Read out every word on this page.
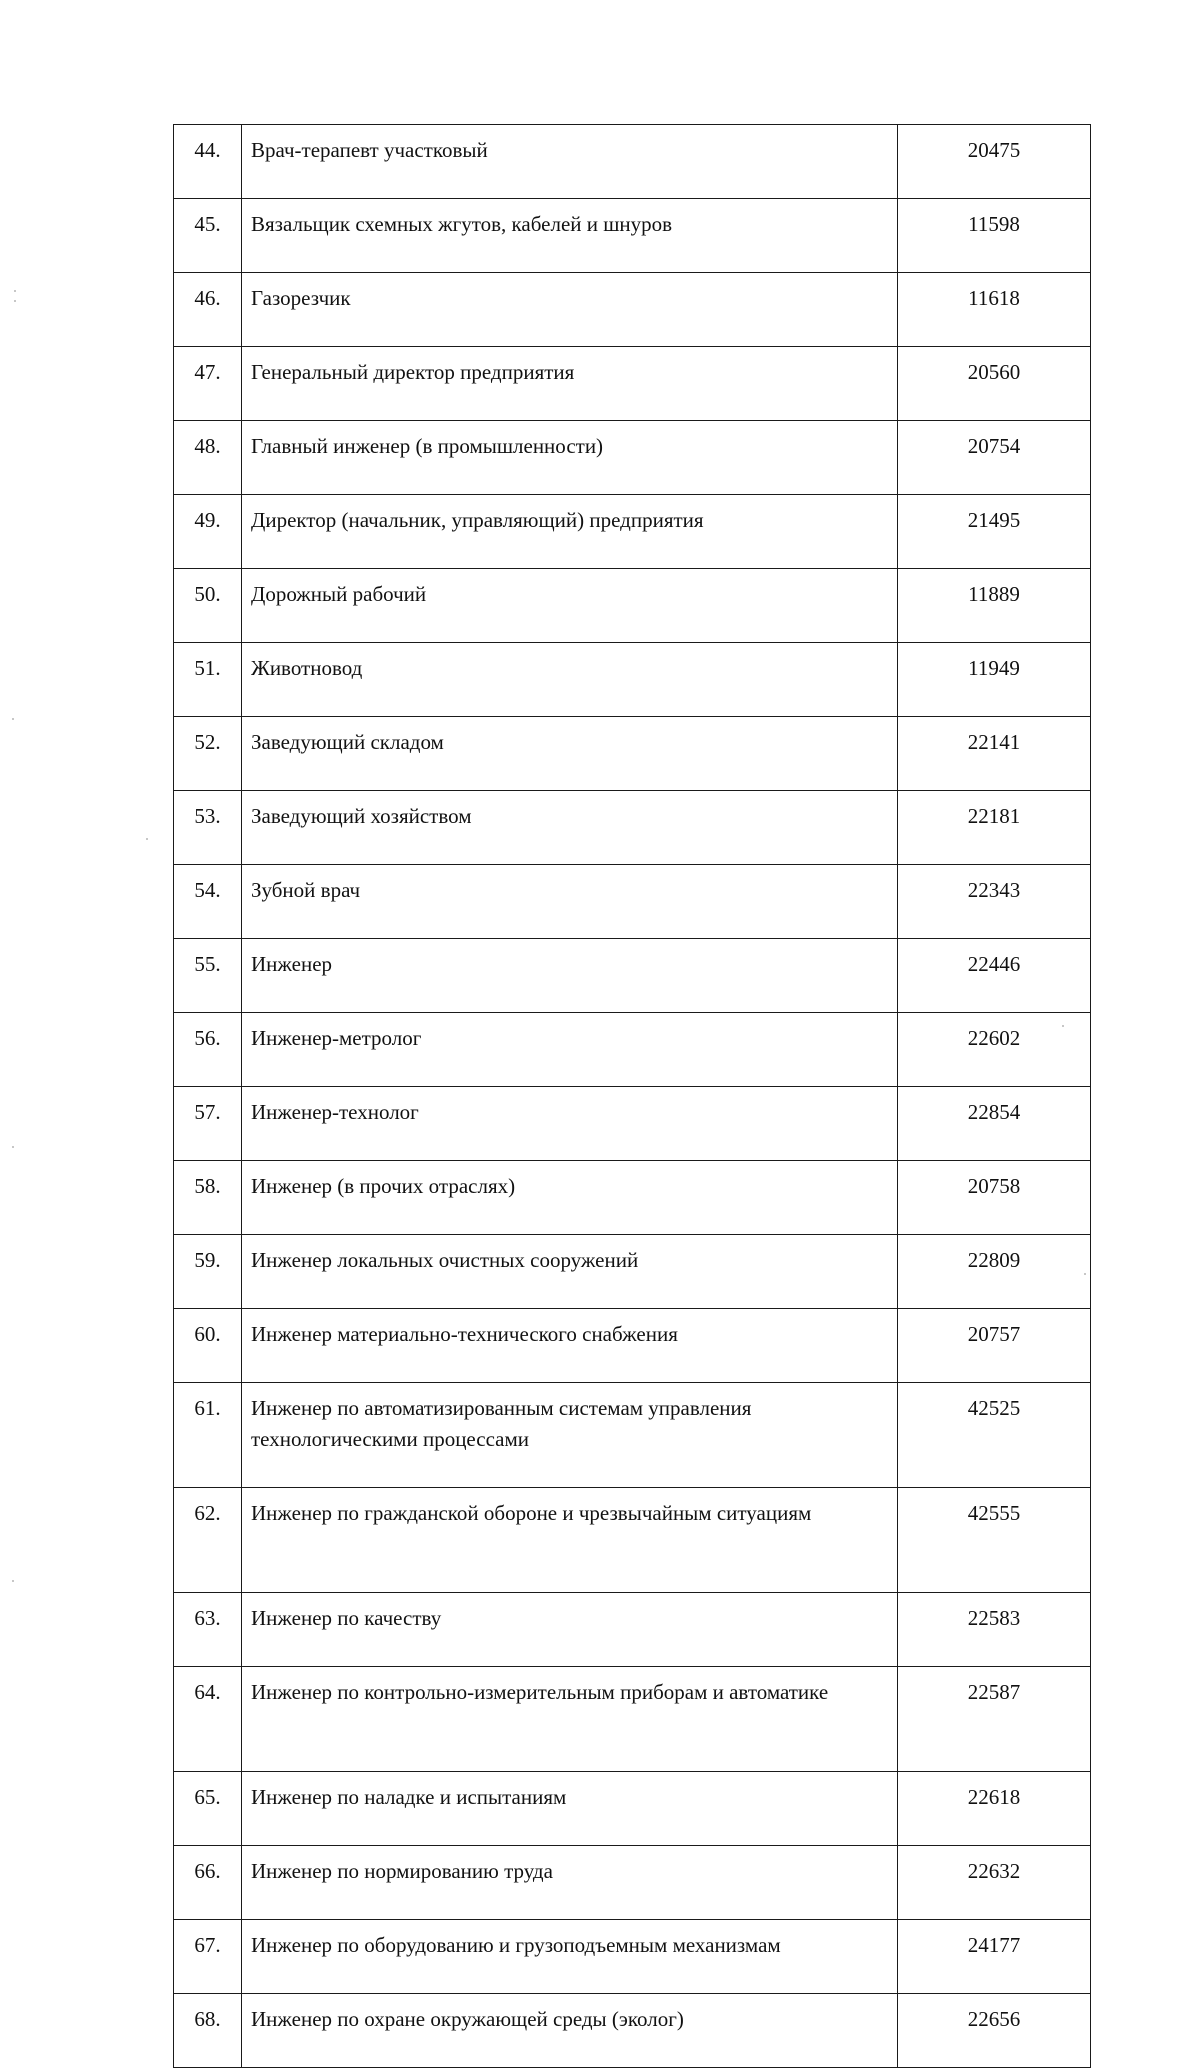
44.	Врач-терапевт участковый	20475
45.	Вязальщик схемных жгутов, кабелей и шнуров	11598
46.	Газорезчик	11618
47.	Генеральный директор предприятия	20560
48.	Главный инженер (в промышленности)	20754
49.	Директор (начальник, управляющий) предприятия	21495
50.	Дорожный рабочий	11889
51.	Животновод	11949
52.	Заведующий складом	22141
53.	Заведующий хозяйством	22181
54.	Зубной врач	22343
55.	Инженер	22446
56.	Инженер-метролог	22602
57.	Инженер-технолог	22854
58.	Инженер (в прочих отраслях)	20758
59.	Инженер локальных очистных сооружений	22809
60.	Инженер материально-технического снабжения	20757
61.	Инженер по автоматизированным системам управления технологическими процессами	42525
62.	Инженер по гражданской обороне и чрезвычайным ситуациям	42555
63.	Инженер по качеству	22583
64.	Инженер по контрольно-измерительным приборам и автоматике	22587
65.	Инженер по наладке и испытаниям	22618
66.	Инженер по нормированию труда	22632
67.	Инженер по оборудованию и грузоподъемным механизмам	24177
68.	Инженер по охране окружающей среды (эколог)	22656
